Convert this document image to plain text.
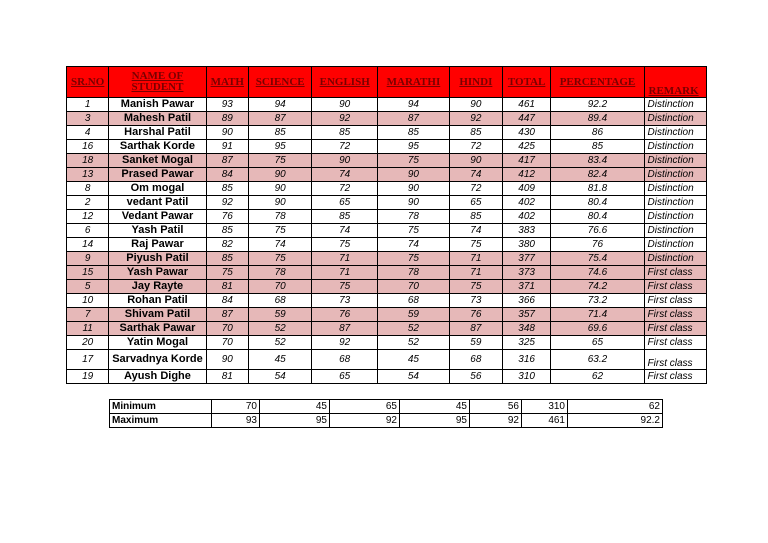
SR.NO	NAME OF STUDENT	MATH	SCIENCE	ENGLISH	MARATHI	HINDI	TOTAL	PERCENTAGE	REMARK
1	Manish Pawar	93	94	90	94	90	461	92.2	Distinction
3	Mahesh Patil	89	87	92	87	92	447	89.4	Distinction
4	Harshal Patil	90	85	85	85	85	430	86	Distinction
16	Sarthak Korde	91	95	72	95	72	425	85	Distinction
18	Sanket Mogal	87	75	90	75	90	417	83.4	Distinction
13	Prased Pawar	84	90	74	90	74	412	82.4	Distinction
8	Om mogal	85	90	72	90	72	409	81.8	Distinction
2	vedant Patil	92	90	65	90	65	402	80.4	Distinction
12	Vedant Pawar	76	78	85	78	85	402	80.4	Distinction
6	Yash Patil	85	75	74	75	74	383	76.6	Distinction
14	Raj Pawar	82	74	75	74	75	380	76	Distinction
9	Piyush Patil	85	75	71	75	71	377	75.4	Distinction
15	Yash Pawar	75	78	71	78	71	373	74.6	First class
5	Jay Rayte	81	70	75	70	75	371	74.2	First class
10	Rohan Patil	84	68	73	68	73	366	73.2	First class
7	Shivam Patil	87	59	76	59	76	357	71.4	First class
11	Sarthak Pawar	70	52	87	52	87	348	69.6	First class
20	Yatin Mogal	70	52	92	52	59	325	65	First class
17	Sarvadnya Korde	90	45	68	45	68	316	63.2	First class
19	Ayush Dighe	81	54	65	54	56	310	62	First class
Minimum	70	45	65	45	56	310	62
Maximum	93	95	92	95	92	461	92.2
